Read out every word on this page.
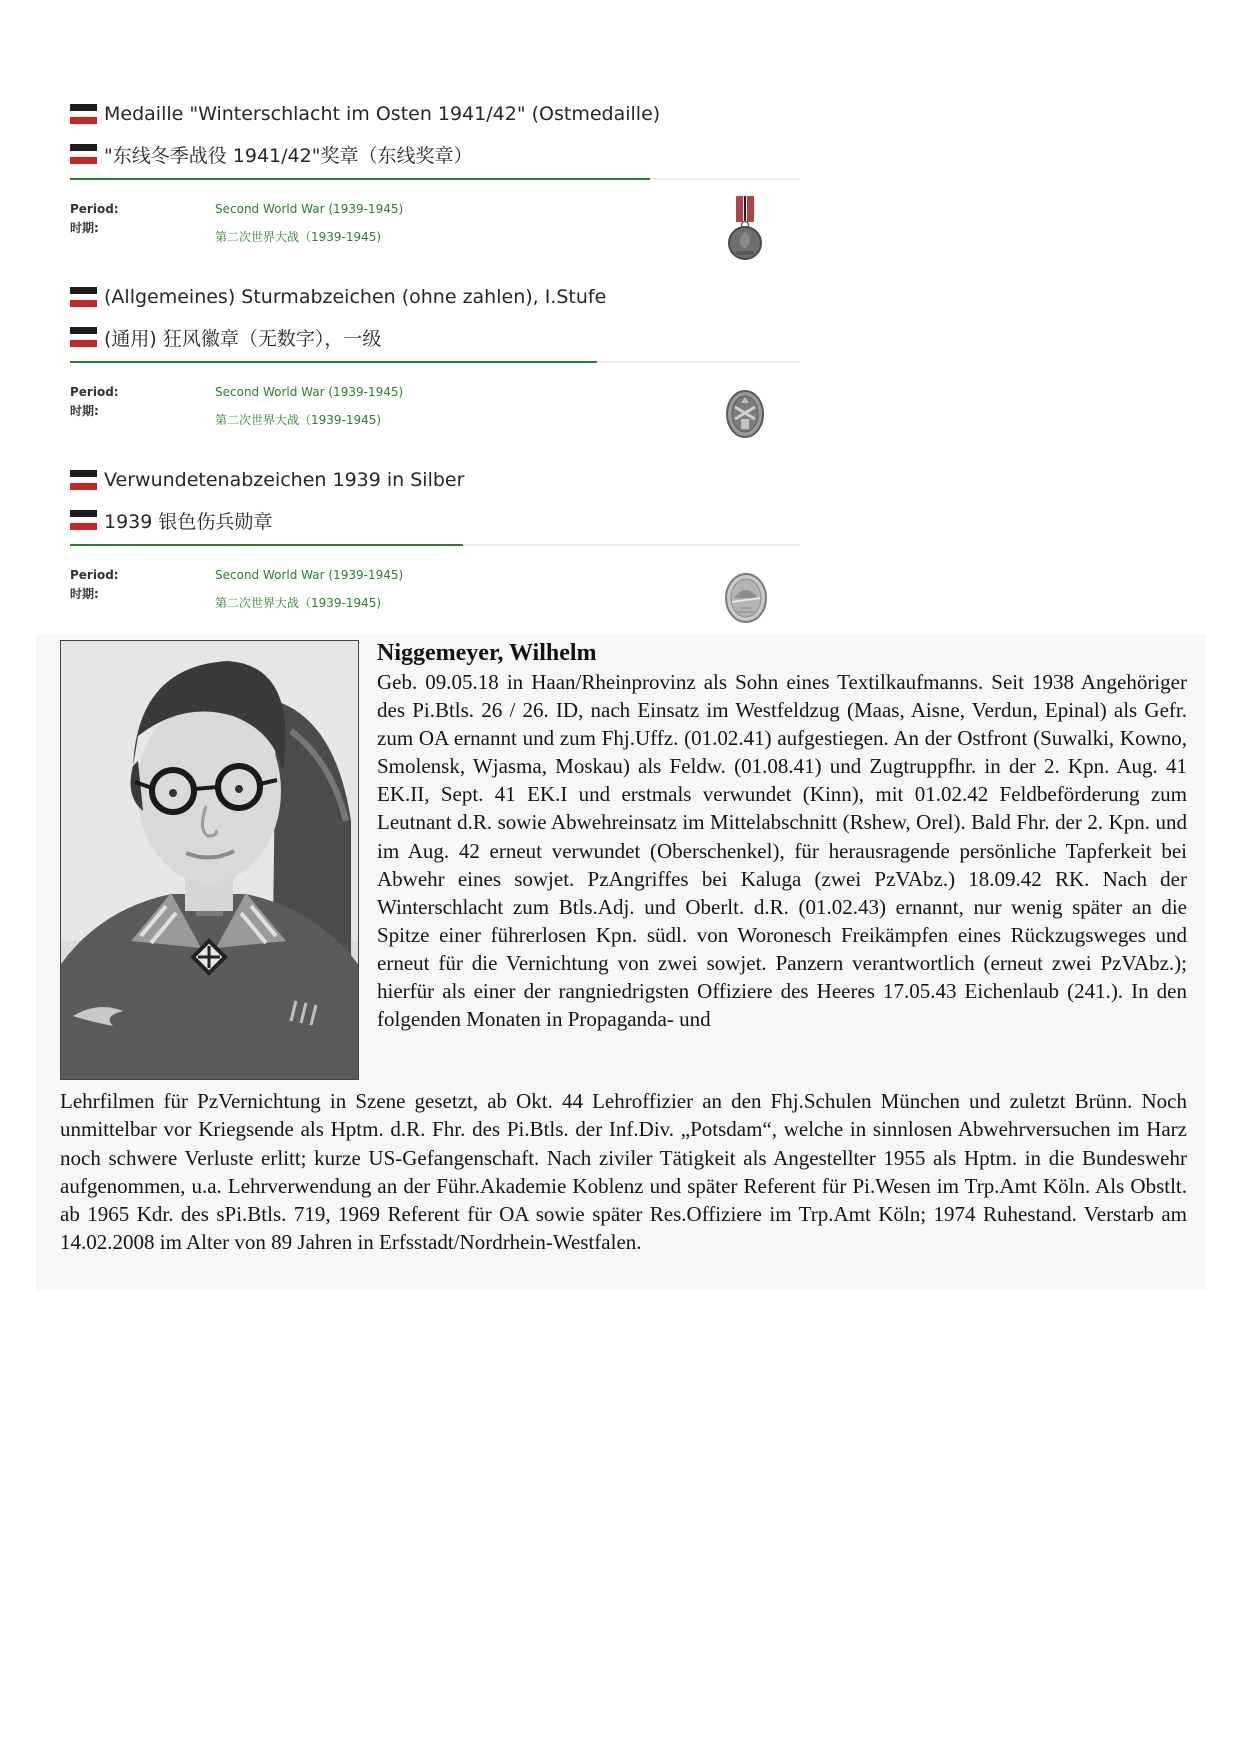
Medaille "Winterschlacht im Osten 1941/42" (Ostmedaille)
"东线冬季战役 1941/42"奖章（东线奖章）
Period:
时期:
Second World War (1939-1945)
第二次世界大战（1939-1945)
(Allgemeines) Sturmabzeichen (ohne zahlen), I.Stufe
(通用) 狂风徽章（无数字），一级
Period:
时期:
Second World War (1939-1945)
第二次世界大战（1939-1945)
Verwundetenabzeichen 1939 in Silber
1939 银色伤兵勋章
Period:
时期:
Second World War (1939-1945)
第二次世界大战（1939-1945)
Niggemeyer, Wilhelm

Geb. 09.05.18 in Haan/Rheinprovinz als Sohn eines Textilkaufmanns. Seit 1938 Angehöriger des Pi.Btls. 26 / 26. ID, nach Einsatz im Westfeldzug (Maas, Aisne, Verdun, Epinal) als Gefr. zum OA ernannt und zum Fhj.Uffz. (01.02.41) aufgestiegen. An der Ostfront (Suwalki, Kowno, Smolensk, Wjasma, Moskau) als Feldw. (01.08.41) und Zugtruppfhr. in der 2. Kpn. Aug. 41 EK.II, Sept. 41 EK.I und erstmals verwundet (Kinn), mit 01.02.42 Feldbeförderung zum Leutnant d.R. sowie Abwehreinsatz im Mittelabschnitt (Rshew, Orel). Bald Fhr. der 2. Kpn. und im Aug. 42 erneut verwundet (Oberschenkel), für herausragende persönliche Tapferkeit bei Abwehr eines sowjet. PzAngriffes bei Kaluga (zwei PzVAbz.) 18.09.42 RK. Nach der Winterschlacht zum Btls.Adj. und Oberlt. d.R. (01.02.43) ernannt, nur wenig später an die Spitze einer führerlosen Kpn. südl. von Woronesch Freikämpfen eines Rückzugsweges und erneut für die Vernichtung von zwei sowjet. Panzern verantwortlich (erneut zwei PzVAbz.); hierfür als einer der rangniedrigsten Offiziere des Heeres 17.05.43 Eichenlaub (241.). In den folgenden Monaten in Propaganda- und

Lehrfilmen für PzVernichtung in Szene gesetzt, ab Okt. 44 Lehroffizier an den Fhj.Schulen München und zuletzt Brünn. Noch unmittelbar vor Kriegsende als Hptm. d.R. Fhr. des Pi.Btls. der Inf.Div. „Potsdam“, welche in sinnlosen Abwehrversuchen im Harz noch schwere Verluste erlitt; kurze US-Gefangenschaft. Nach ziviler Tätigkeit als Angestellter 1955 als Hptm. in die Bundeswehr aufgenommen, u.a. Lehrverwendung an der Führ.Akademie Koblenz und später Referent für Pi.Wesen im Trp.Amt Köln. Als Obstlt. ab 1965 Kdr. des sPi.Btls. 719, 1969 Referent für OA sowie später Res.Offiziere im Trp.Amt Köln; 1974 Ruhestand. Verstarb am 14.02.2008 im Alter von 89 Jahren in Erfsstadt/Nordrhein-Westfalen.
